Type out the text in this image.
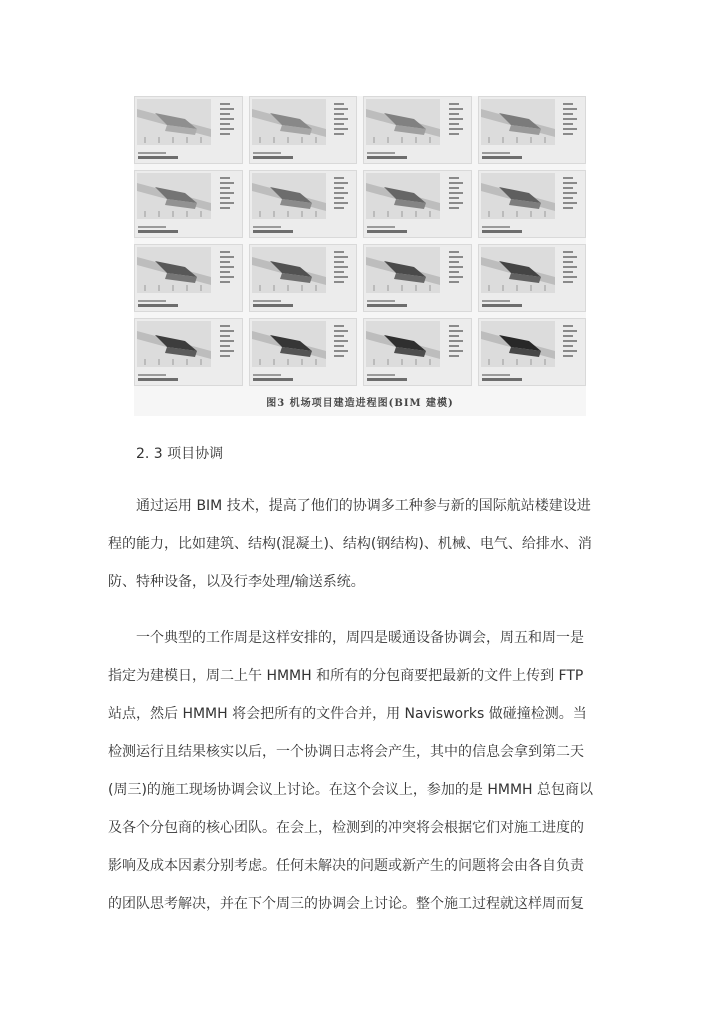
图3 机场项目建造进程图(BIM 建模)
2. 3 项目协调

　　通过运用 BIM 技术，提高了他们的协调多工种参与新的国际航站楼建设进
程的能力，比如建筑、结构(混凝土)、结构(钢结构)、机械、电气、给排水、消
防、特种设备，以及行李处理/输送系统。

　　一个典型的工作周是这样安排的，周四是暖通设备协调会，周五和周一是
指定为建模日，周二上午 HMMH 和所有的分包商要把最新的文件上传到 FTP
站点，然后 HMMH 将会把所有的文件合并，用 Navisworks 做碰撞检测。当
检测运行且结果核实以后，一个协调日志将会产生，其中的信息会拿到第二天
(周三)的施工现场协调会议上讨论。在这个会议上，参加的是 HMMH 总包商以
及各个分包商的核心团队。在会上，检测到的冲突将会根据它们对施工进度的
影响及成本因素分别考虑。任何未解决的问题或新产生的问题将会由各自负责
的团队思考解决，并在下个周三的协调会上讨论。整个施工过程就这样周而复
